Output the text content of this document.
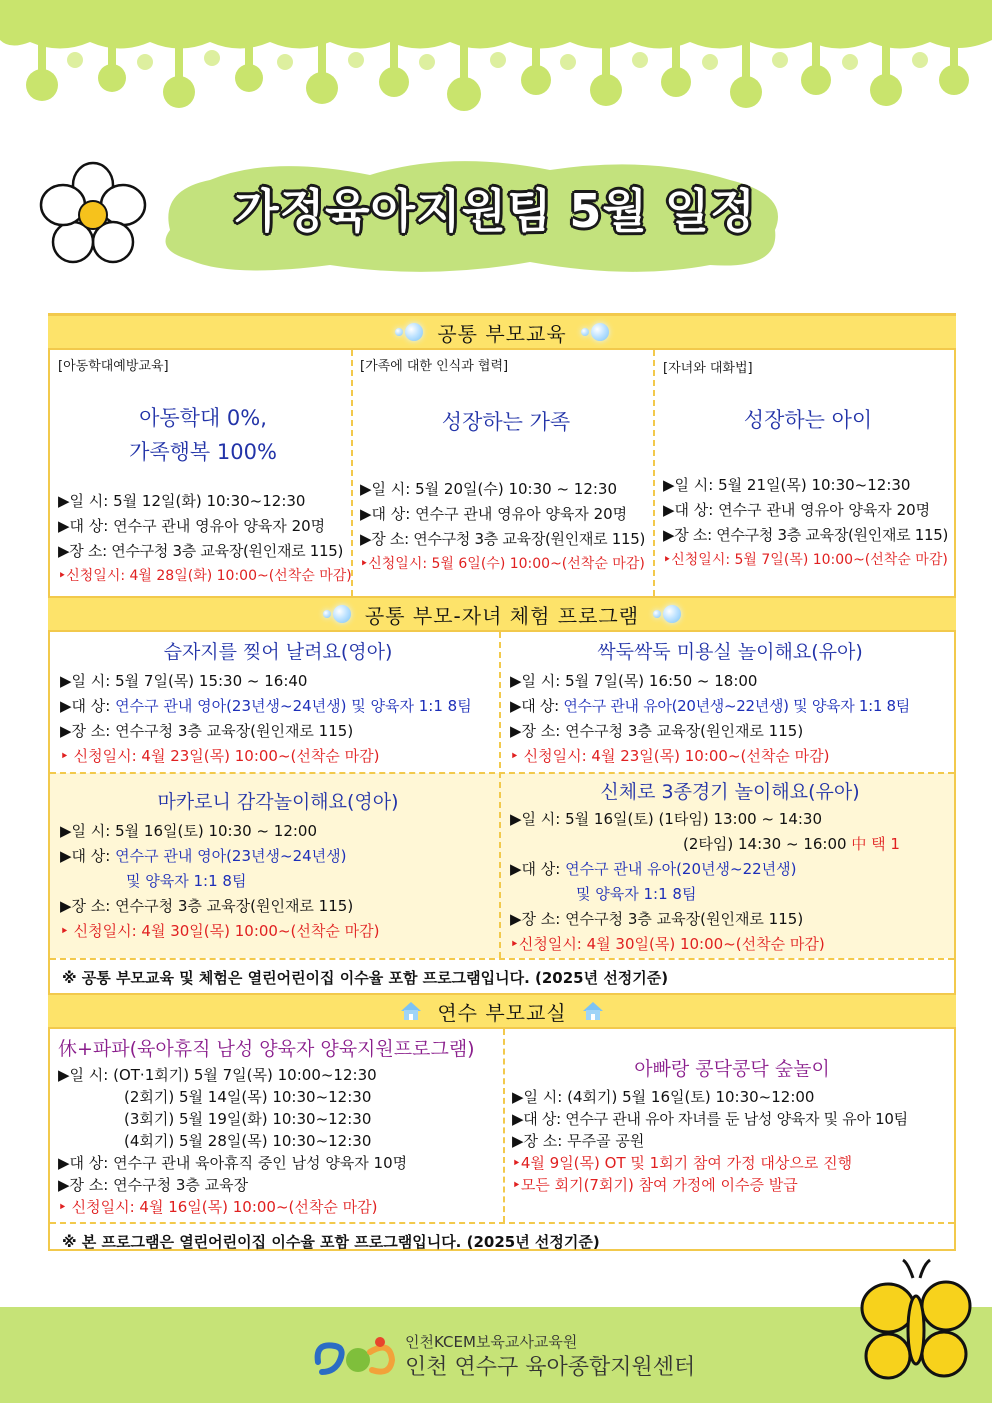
가정육아지원팀 5월 일정
공통 부모교육
[아동학대예방교육]
아동학대 0%,
가족행복 100%
▶일 시: 5월 12일(화) 10:30~12:30
▶대 상: 연수구 관내 영유아 양육자 20명
▶장 소: 연수구청 3층 교육장(원인재로 115)
‣신청일시: 4월 28일(화) 10:00~(선착순 마감)
[가족에 대한 인식과 협력]
성장하는 가족
▶일 시: 5월 20일(수) 10:30 ~ 12:30
▶대 상: 연수구 관내 영유아 양육자 20명
▶장 소: 연수구청 3층 교육장(원인재로 115)
‣신청일시: 5월 6일(수) 10:00~(선착순 마감)
[자녀와 대화법]
성장하는 아이
▶일 시: 5월 21일(목) 10:30~12:30
▶대 상: 연수구 관내 영유아 양육자 20명
▶장 소: 연수구청 3층 교육장(원인재로 115)
‣신청일시: 5월 7일(목) 10:00~(선착순 마감)
공통 부모-자녀 체험 프로그램
습자지를 찢어 날려요(영아)
▶일 시: 5월 7일(목) 15:30 ~ 16:40
▶대 상: 연수구 관내 영아(23년생~24년생) 및 양육자 1:1 8팀
▶장 소: 연수구청 3층 교육장(원인재로 115)
‣ 신청일시: 4월 23일(목) 10:00~(선착순 마감)
싹둑싹둑 미용실 놀이해요(유아)
▶일 시: 5월 7일(목) 16:50 ~ 18:00
▶대 상: 연수구 관내 유아(20년생~22년생) 및 양육자 1:1 8팀
▶장 소: 연수구청 3층 교육장(원인재로 115)
‣ 신청일시: 4월 23일(목) 10:00~(선착순 마감)
마카로니 감각놀이해요(영아)
▶일 시: 5월 16일(토) 10:30 ~ 12:00
▶대 상: 연수구 관내 영아(23년생~24년생)
및 양육자 1:1 8팀
▶장 소: 연수구청 3층 교육장(원인재로 115)
‣ 신청일시: 4월 30일(목) 10:00~(선착순 마감)
신체로 3종경기 놀이해요(유아)
▶일 시: 5월 16일(토) (1타임) 13:00 ~ 14:30
(2타임) 14:30 ~ 16:00 中 택 1
▶대 상: 연수구 관내 유아(20년생~22년생)
및 양육자 1:1 8팀
▶장 소: 연수구청 3층 교육장(원인재로 115)
‣신청일시: 4월 30일(목) 10:00~(선착순 마감)
※ 공통 부모교육 및 체험은 열린어린이집 이수율 포함 프로그램입니다. (2025년 선정기준)
연수 부모교실
休+파파(육아휴직 남성 양육자 양육지원프로그램)
▶일 시: (OT·1회기) 5월 7일(목) 10:00~12:30
(2회기) 5월 14일(목) 10:30~12:30
(3회기) 5월 19일(화) 10:30~12:30
(4회기) 5월 28일(목) 10:30~12:30
▶대 상: 연수구 관내 육아휴직 중인 남성 양육자 10명
▶장 소: 연수구청 3층 교육장
‣ 신청일시: 4월 16일(목) 10:00~(선착순 마감)
아빠랑 콩닥콩닥 숲놀이
▶일 시: (4회기) 5월 16일(토) 10:30~12:00
▶대 상: 연수구 관내 유아 자녀를 둔 남성 양육자 및 유아 10팀
▶장 소: 무주골 공원
‣4월 9일(목) OT 및 1회기 참여 가정 대상으로 진행
‣모든 회기(7회기) 참여 가정에 이수증 발급
※ 본 프로그램은 열린어린이집 이수율 포함 프로그램입니다. (2025년 선정기준)
인천KCEM보육교사교육원
인천 연수구 육아종합지원센터
